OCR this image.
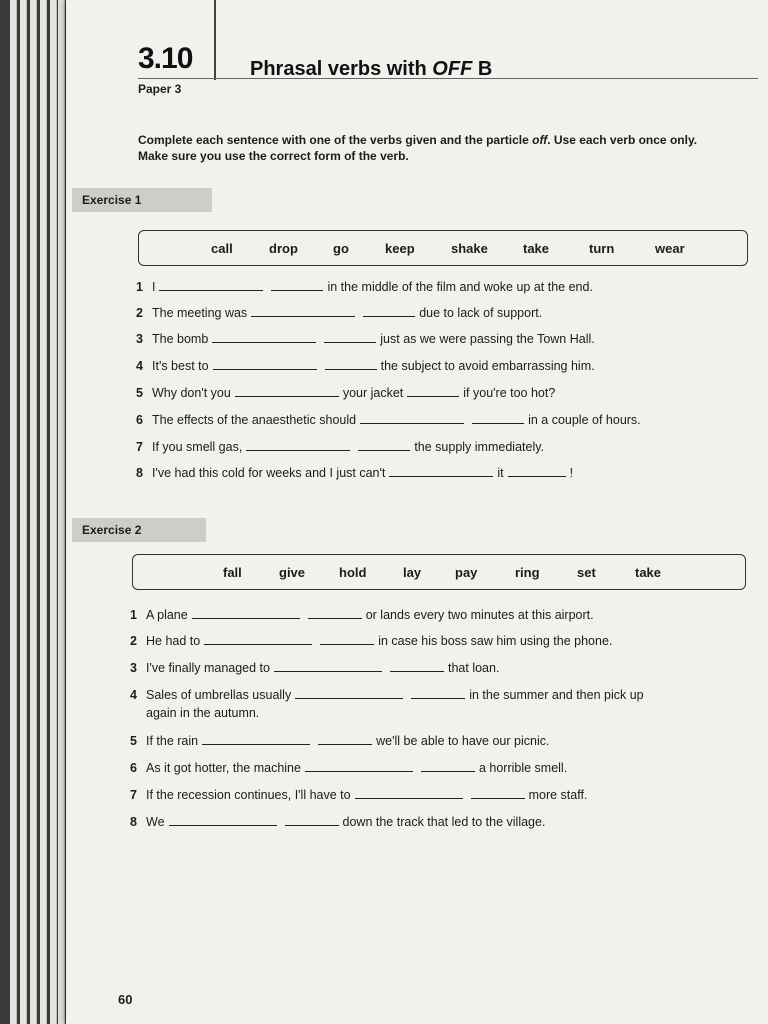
3.10	Phrasal verbs with OFF B
Paper 3
Complete each sentence with one of the verbs given and the particle off. Use each verb once only.
Make sure you use the correct form of the verb.
Exercise 1
call	drop	go	keep	shake	take	turn	wear
1 I	in the middle of the film and woke up at the end.
2 The meeting was	due to lack of support.
3 The bomb	just as we were passing the Town Hall.
4 It's best to	the subject to avoid embarrassing him.
5 Why don't you	your jacket	if you're too hot?
6 The effects of the anaesthetic should	in a couple of hours.
7 If you smell gas,	the supply immediately.
8 I've had this cold for weeks and I just can't	it	!
Exercise 2
fall	give	hold	lay	pay	ring	set	take
1 A plane	or lands every two minutes at this airport.
2 He had to	in case his boss saw him using the phone.
3 I've finally managed to	that loan.
4 Sales of umbrellas usually	in the summer and then pick up
again in the autumn.
5 If the rain	we'll be able to have our picnic.
6 As it got hotter, the machine	a horrible smell.
7 If the recession continues, I'll have to	more staff.
8 We	down the track that led to the village.
60
